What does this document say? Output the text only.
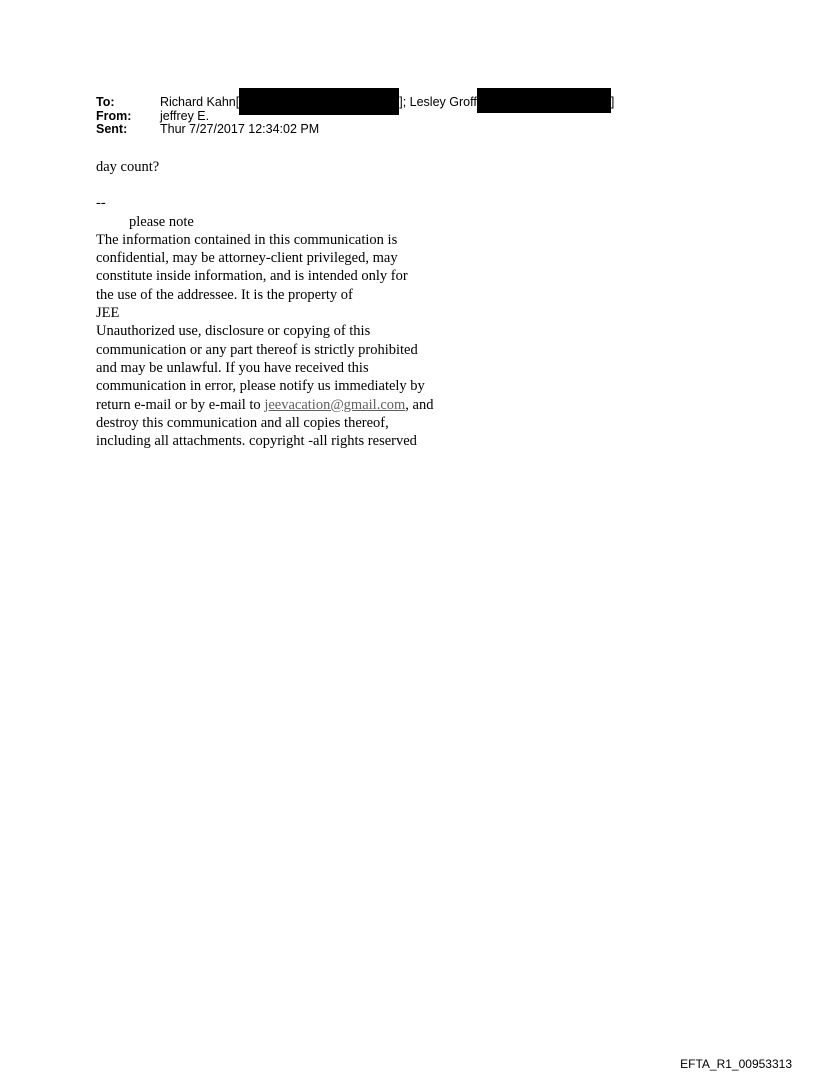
To:	Richard Kahn[	]; Lesley Groff	]
From:	jeffrey E.
Sent:	Thur 7/27/2017 12:34:02 PM
day count?
--
please note
The information contained in this communication is
confidential, may be attorney-client privileged, may
constitute inside information, and is intended only for
the use of the addressee. It is the property of
JEE
Unauthorized use, disclosure or copying of this
communication or any part thereof is strictly prohibited
and may be unlawful. If you have received this
communication in error, please notify us immediately by
return e-mail or by e-mail to jeevacation@gmail.com, and
destroy this communication and all copies thereof,
including all attachments. copyright -all rights reserved
EFTA_R1_00953313
